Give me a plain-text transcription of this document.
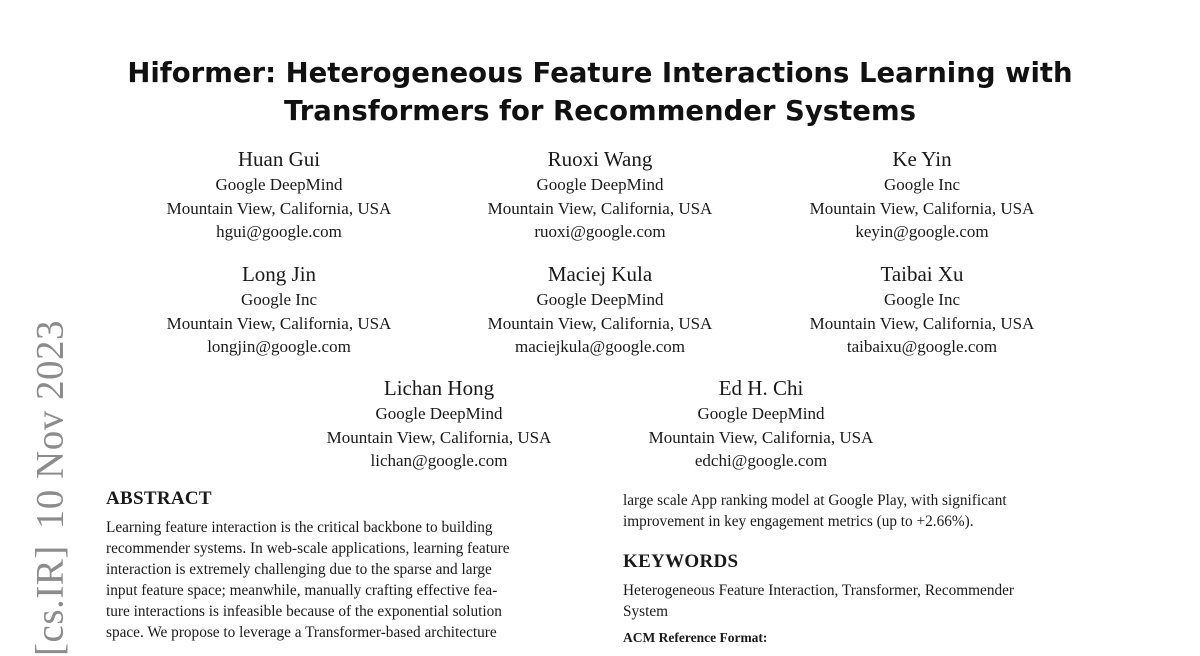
[cs.IR]10 Nov 2023
Hiformer: Heterogeneous Feature Interactions Learning with
Transformers for Recommender Systems
Huan Gui
Google DeepMind
Mountain View, California, USA
hgui@google.com
Ruoxi Wang
Google DeepMind
Mountain View, California, USA
ruoxi@google.com
Ke Yin
Google Inc
Mountain View, California, USA
keyin@google.com
Long Jin
Google Inc
Mountain View, California, USA
longjin@google.com
Maciej Kula
Google DeepMind
Mountain View, California, USA
maciejkula@google.com
Taibai Xu
Google Inc
Mountain View, California, USA
taibaixu@google.com
Lichan Hong
Google DeepMind
Mountain View, California, USA
lichan@google.com
Ed H. Chi
Google DeepMind
Mountain View, California, USA
edchi@google.com
ABSTRACT
Learning feature interaction is the critical backbone to building
recommender systems. In web-scale applications, learning feature
interaction is extremely challenging due to the sparse and large
input feature space; meanwhile, manually crafting effective fea-
ture interactions is infeasible because of the exponential solution
space. We propose to leverage a Transformer-based architecture
large scale App ranking model at Google Play, with significant
improvement in key engagement metrics (up to +2.66%).
KEYWORDS
Heterogeneous Feature Interaction, Transformer, Recommender
System
ACM Reference Format:
